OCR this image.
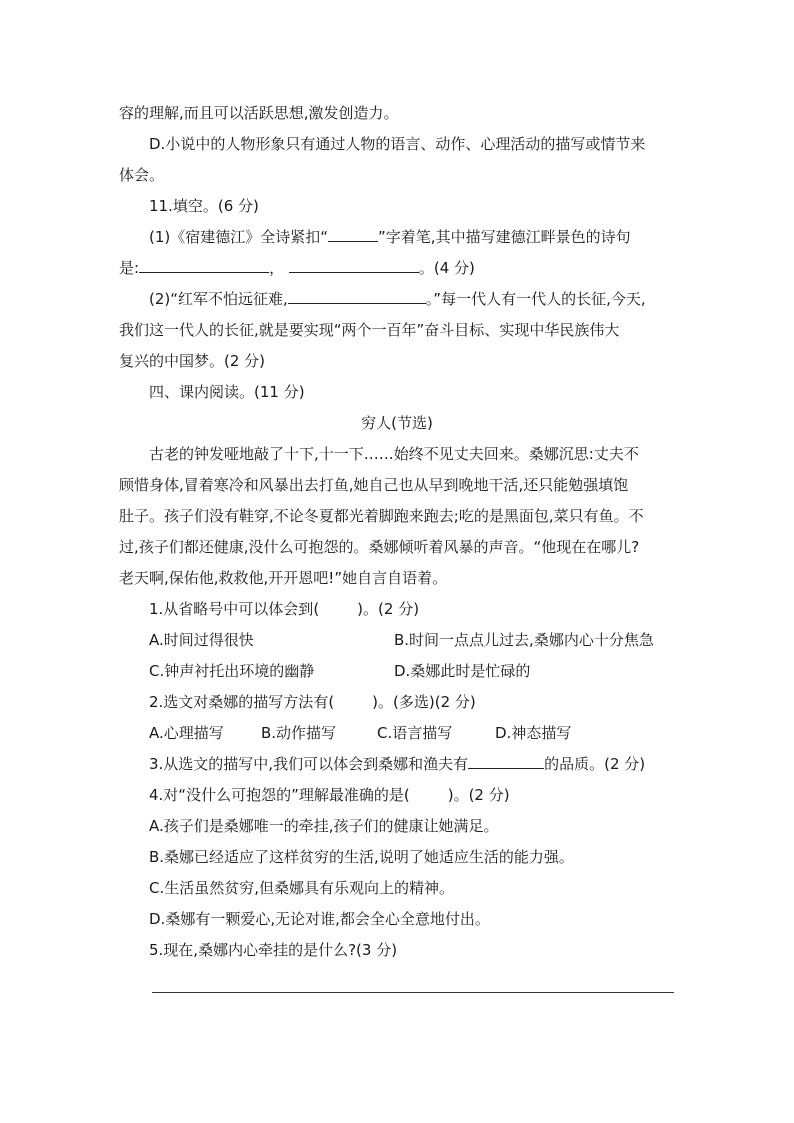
容的理解,而且可以活跃思想,激发创造力。
D.小说中的人物形象只有通过人物的语言、动作、心理活动的描写或情节来
体会。
11.填空。(6 分)
(1)《宿建德江》全诗紧扣“	”字着笔,其中描写建德江畔景色的诗句
是:	，	。(4 分)
(2)“红军不怕远征难,	。”每一代人有一代人的长征,今天,
我们这一代人的长征,就是要实现“两个一百年”奋斗目标、实现中华民族伟大
复兴的中国梦。(2 分)
四、课内阅读。(11 分)
穷人(节选)
古老的钟发哑地敲了十下,十一下……始终不见丈夫回来。桑娜沉思:丈夫不
顾惜身体,冒着寒冷和风暴出去打鱼,她自己也从早到晚地干活,还只能勉强填饱
肚子。孩子们没有鞋穿,不论冬夏都光着脚跑来跑去;吃的是黑面包,菜只有鱼。不
过,孩子们都还健康,没什么可抱怨的。桑娜倾听着风暴的声音。“他现在在哪儿?
老天啊,保佑他,救救他,开开恩吧!”她自言自语着。
1.从省略号中可以体会到(	)。(2 分)
A.时间过得很快	B.时间一点点儿过去,桑娜内心十分焦急
C.钟声衬托出环境的幽静	D.桑娜此时是忙碌的
2.选文对桑娜的描写方法有(	)。(多选)(2 分)
A.心理描写	B.动作描写	C.语言描写	D.神态描写
3.从选文的描写中,我们可以体会到桑娜和渔夫有	的品质。(2 分)
4.对“没什么可抱怨的”理解最准确的是(	)。(2 分)
A.孩子们是桑娜唯一的牵挂,孩子们的健康让她满足。
B.桑娜已经适应了这样贫穷的生活,说明了她适应生活的能力强。
C.生活虽然贫穷,但桑娜具有乐观向上的精神。
D.桑娜有一颗爱心,无论对谁,都会全心全意地付出。
5.现在,桑娜内心牵挂的是什么?(3 分)
